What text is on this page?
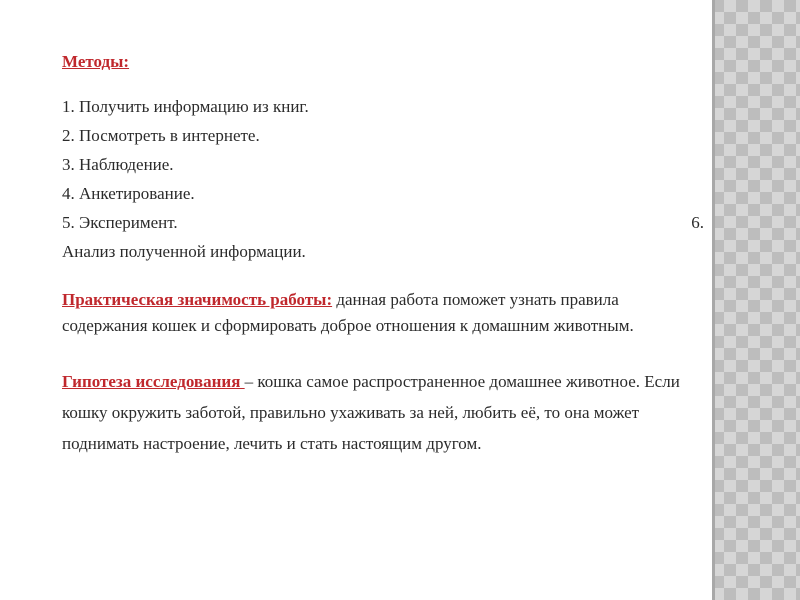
Методы:
1. Получить информацию из книг.
2. Посмотреть в интернете.
3. Наблюдение.
4. Анкетирование.
5. Эксперимент.	6.
Анализ полученной информации.
Практическая значимость работы: данная работа поможет узнать правила содержания кошек и сформировать доброе отношения к домашним животным.
Гипотеза исследования – кошка самое распространенное домашнее животное. Если кошку окружить заботой, правильно ухаживать за ней, любить её, то она может поднимать настроение, лечить и стать настоящим другом.
